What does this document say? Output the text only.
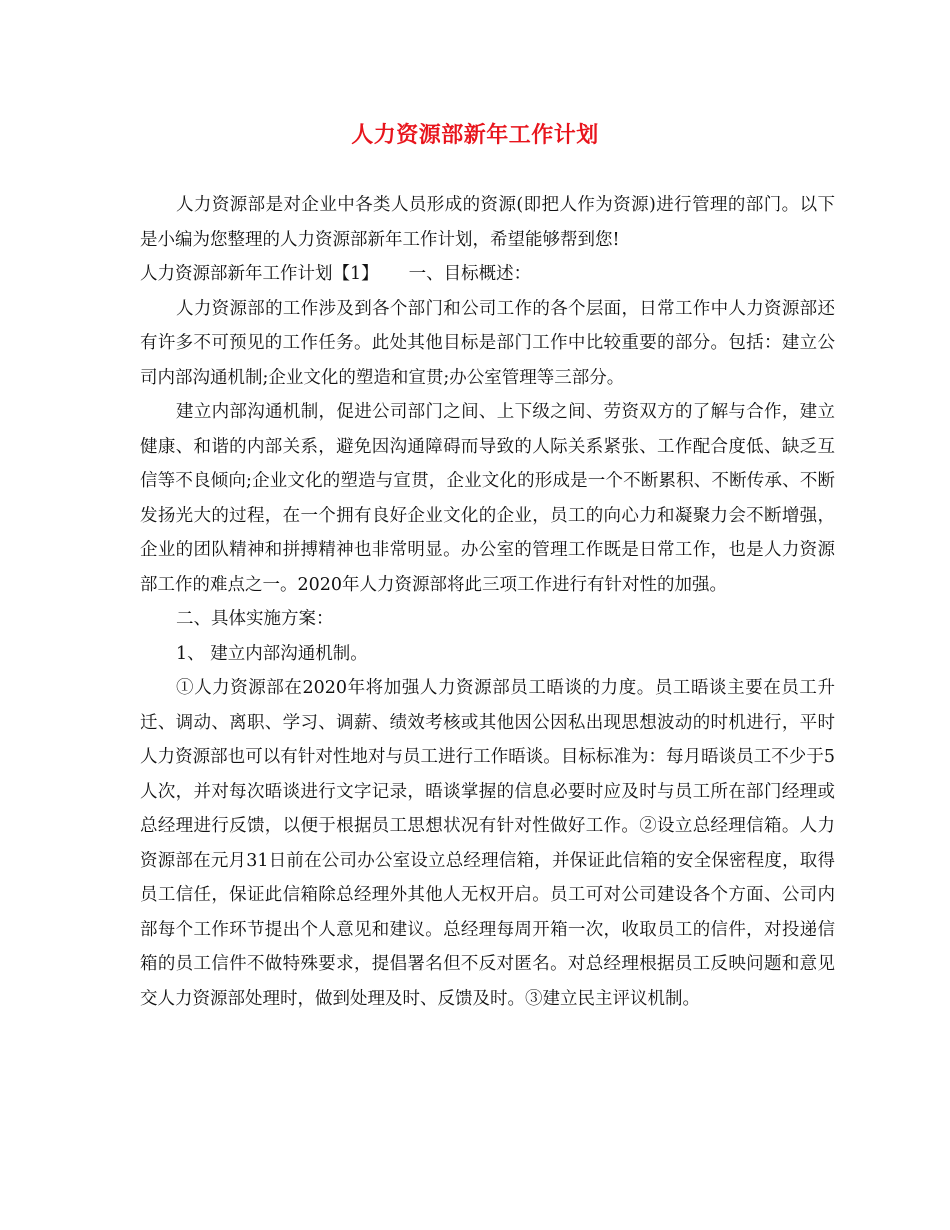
人力资源部新年工作计划

人力资源部是对企业中各类人员形成的资源(即把人作为资源)进行管理的部门。以下是小编为您整理的人力资源部新年工作计划，希望能够帮到您!

人力资源部新年工作计划【1】 一、目标概述：

人力资源部的工作涉及到各个部门和公司工作的各个层面，日常工作中人力资源部还有许多不可预见的工作任务。此处其他目标是部门工作中比较重要的部分。包括：建立公司内部沟通机制;企业文化的塑造和宣贯;办公室管理等三部分。

建立内部沟通机制，促进公司部门之间、上下级之间、劳资双方的了解与合作，建立健康、和谐的内部关系，避免因沟通障碍而导致的人际关系紧张、工作配合度低、缺乏互信等不良倾向;企业文化的塑造与宣贯，企业文化的形成是一个不断累积、不断传承、不断发扬光大的过程，在一个拥有良好企业文化的企业，员工的向心力和凝聚力会不断增强，企业的团队精神和拼搏精神也非常明显。办公室的管理工作既是日常工作，也是人力资源部工作的难点之一。2020年人力资源部将此三项工作进行有针对性的加强。

二、具体实施方案：

1、 建立内部沟通机制。

①人力资源部在2020年将加强人力资源部员工晤谈的力度。员工晤谈主要在员工升迁、调动、离职、学习、调薪、绩效考核或其他因公因私出现思想波动的时机进行，平时人力资源部也可以有针对性地对与员工进行工作晤谈。目标标准为：每月晤谈员工不少于5人次，并对每次晤谈进行文字记录，晤谈掌握的信息必要时应及时与员工所在部门经理或总经理进行反馈，以便于根据员工思想状况有针对性做好工作。②设立总经理信箱。人力资源部在元月31日前在公司办公室设立总经理信箱，并保证此信箱的安全保密程度，取得员工信任，保证此信箱除总经理外其他人无权开启。员工可对公司建设各个方面、公司内部每个工作环节提出个人意见和建议。总经理每周开箱一次，收取员工的信件，对投递信箱的员工信件不做特殊要求，提倡署名但不反对匿名。对总经理根据员工反映问题和意见交人力资源部处理时，做到处理及时、反馈及时。③建立民主评议机制。
